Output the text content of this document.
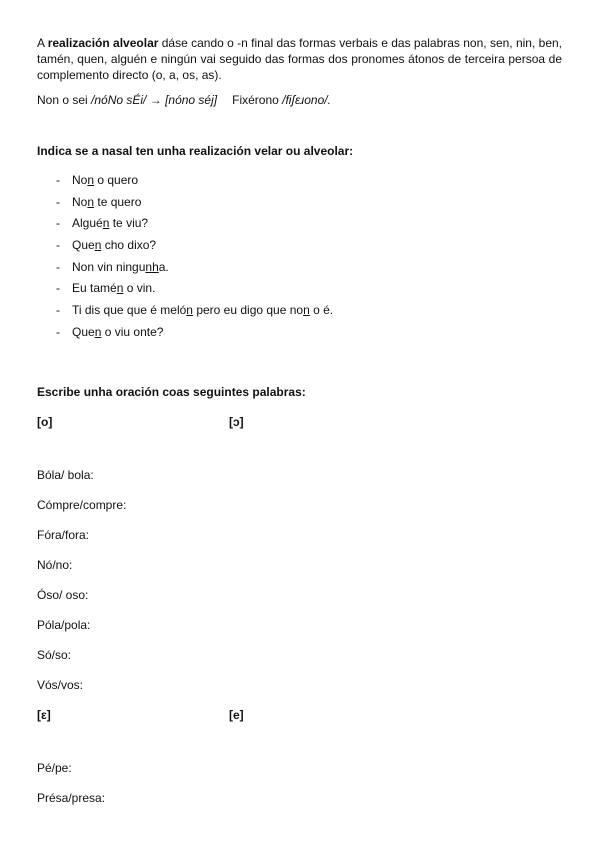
A realización alveolar dáse cando o -n final das formas verbais e das palabras non, sen, nin, ben, tamén, quen, alguén e ningún vai seguido das formas dos pronomes átonos de terceira persoa de complemento directo (o, a, os, as).
Non o sei /nóNo sÉi/ → [nóno séj] Fixérono /fiʃɛɹono/.
Indica se a nasal ten unha realización velar ou alveolar:
- Non o quero
- Non te quero
- Alguén te viu?
- Quen cho dixo?
- Non vin ningunha.
- Eu tamén o vin.
- Ti dis que que é melón pero eu digo que non o é.
- Quen o viu onte?
Escribe unha oración coas seguintes palabras:
[o]	[ɔ]
Bóla/ bola:
Cómpre/compre:
Fóra/fora:
Nó/no:
Óso/ oso:
Póla/pola:
Só/so:
Vós/vos:
[ε]	[e]
Pé/pe:
Présa/presa:
